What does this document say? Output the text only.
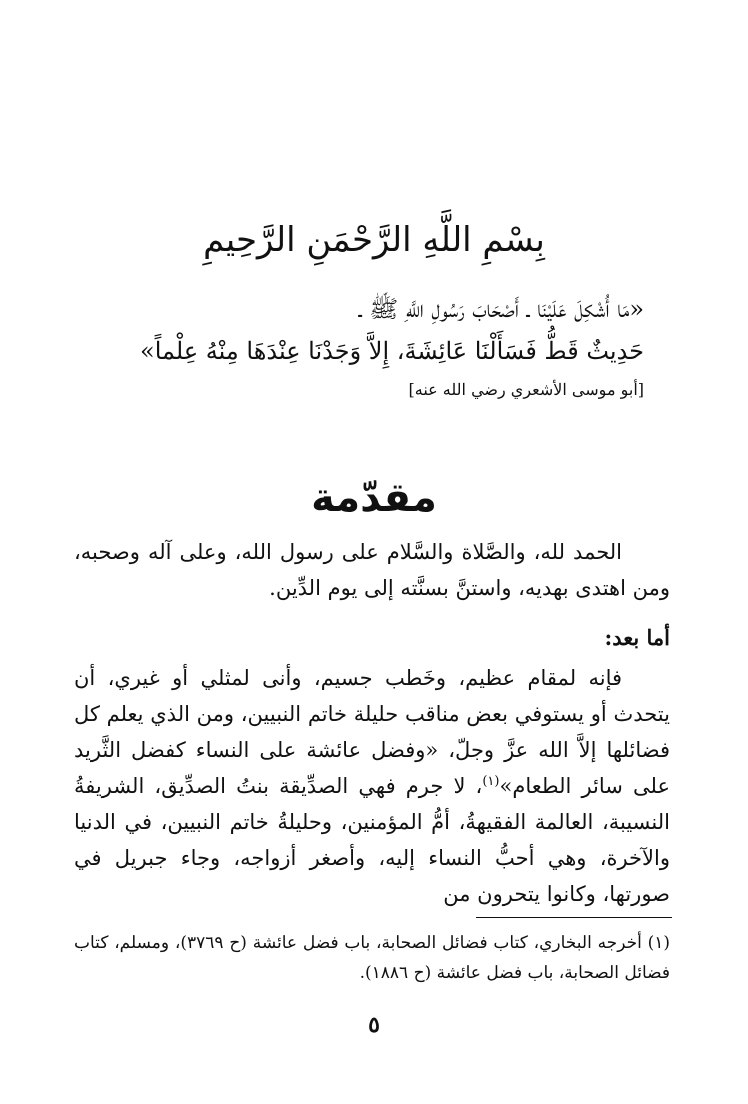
بِسْمِ اللَّهِ الرَّحْمَنِ الرَّحِيمِ
«مَا أُشْكِلَ عَلَيْنَا ـ أَصْحَابَ رَسُولِ اللَّهِ ﷺ ـ
حَدِيثٌ قَطُّ فَسَأَلْنَا عَائِشَةَ، إِلاَّ وَجَدْنَا عِنْدَهَا مِنْهُ عِلْماً»
[أبو موسى الأشعري رضي الله عنه]
مقدّمة

الحمد لله، والصَّلاة والسَّلام على رسول الله، وعلى آله وصحبه، ومن اهتدى بهديه، واستنَّ بسنَّته إلى يوم الدِّين.

أما بعد:

فإنه لمقام عظيم، وخَطب جسيم، وأنى لمثلي أو غيري، أن يتحدث أو يستوفي بعض مناقب حليلة خاتم النبيين، ومن الذي يعلم كل فضائلها إلاَّ الله عزَّ وجلّ، «وفضل عائشة على النساء كفضل الثَّريد على سائر الطعام»$^{(١)}$، لا جرم فهي الصدِّيقة بنتُ الصدِّيق، الشريفةُ النسيبة، العالمة الفقيهةُ، أمُّ المؤمنين، وحليلةُ خاتم النبيين، في الدنيا والآخرة، وهي أحبُّ النساء إليه، وأصغر أزواجه، وجاء جبريل في صورتها، وكانوا يتحرون من

(١) أخرجه البخاري، كتاب فضائل الصحابة، باب فضل عائشة (ح ٣٧٦٩)، ومسلم، كتاب فضائل الصحابة، باب فضل عائشة (ح ١٨٨٦).

٥
